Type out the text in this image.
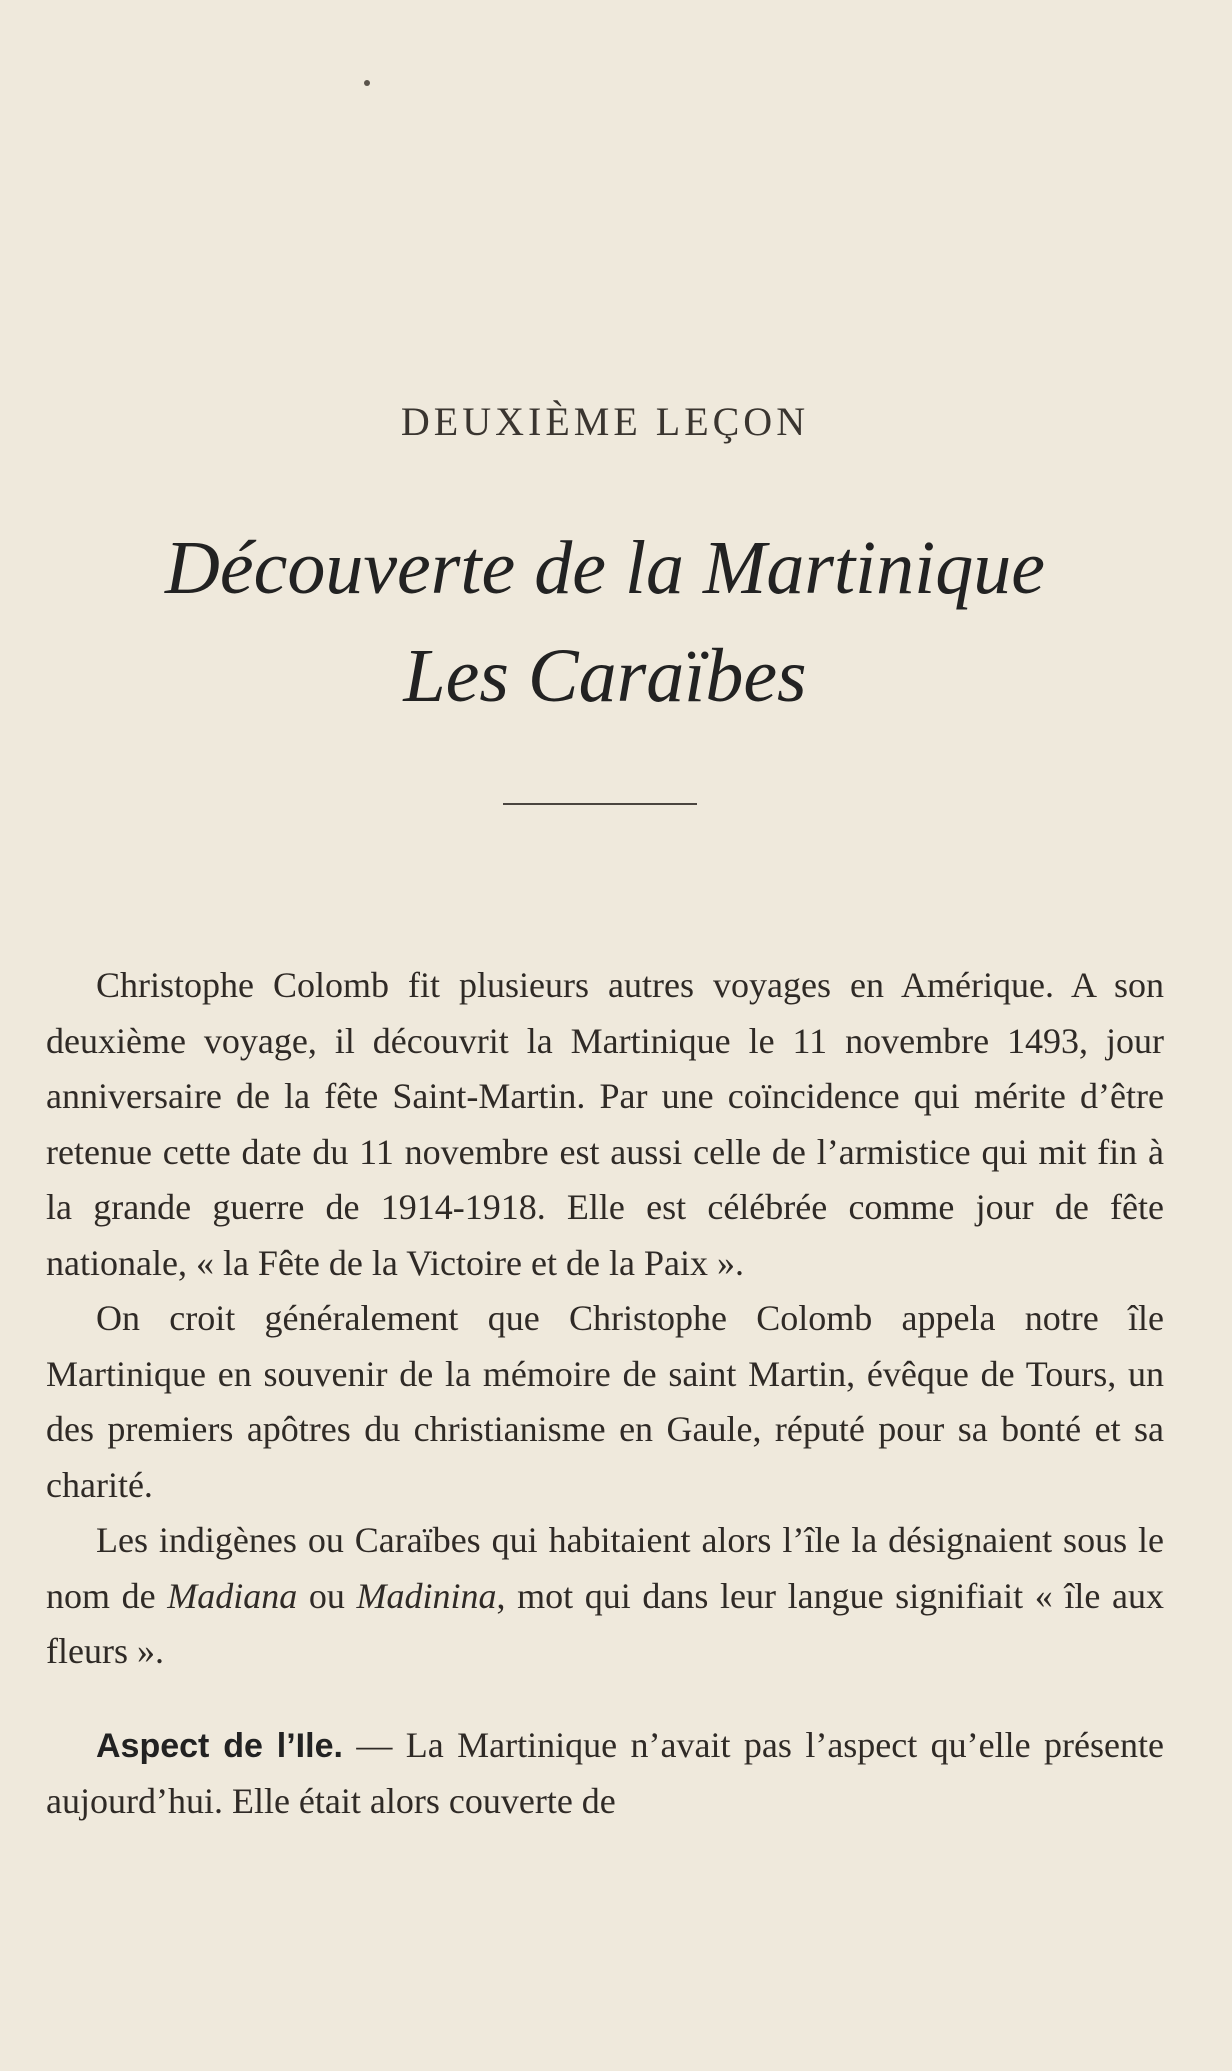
DEUXIÈME LEÇON
Découverte de la Martinique
Les Caraïbes

Christophe Colomb fit plusieurs autres voyages en Amérique. A son deuxième voyage, il découvrit la Martinique le 11 novembre 1493, jour anniversaire de la fête Saint-Martin. Par une coïncidence qui mérite d’être retenue cette date du 11 novembre est aussi celle de l’armistice qui mit fin à la grande guerre de 1914-1918. Elle est célébrée comme jour de fête nationale, « la Fête de la Victoire et de la Paix ».

On croit généralement que Christophe Colomb appela notre île Martinique en souvenir de la mémoire de saint Martin, évêque de Tours, un des premiers apôtres du christianisme en Gaule, réputé pour sa bonté et sa charité.

Les indigènes ou Caraïbes qui habitaient alors l’île la désignaient sous le nom de Madiana ou Madinina, mot qui dans leur langue signifiait « île aux fleurs ».

Aspect de l’Ile. — La Martinique n’avait pas l’aspect qu’elle présente aujourd’hui. Elle était alors couverte de
